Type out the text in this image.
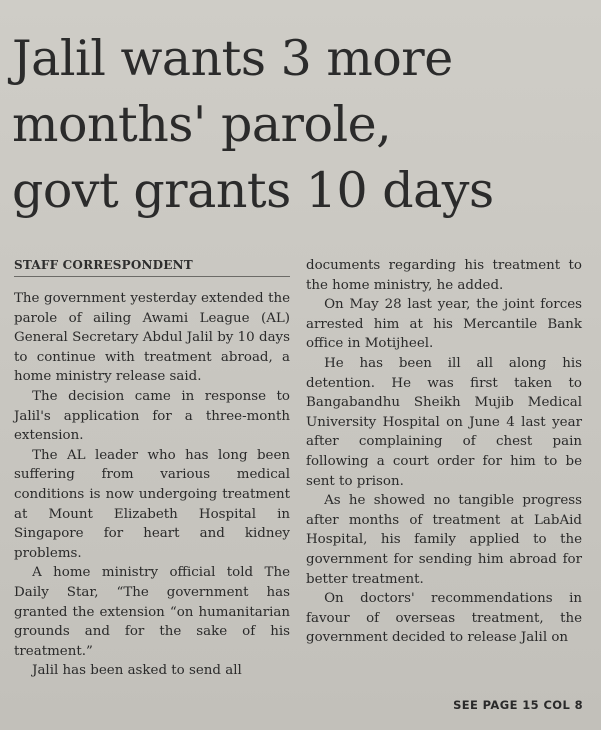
Jalil wants 3 more
months' parole,
govt grants 10 days
STAFF CORRESPONDENT

The government yesterday extended the parole of ailing Awami League (AL) General Secretary Abdul Jalil by 10 days to continue with treatment abroad, a home ministry release said.

The decision came in response to Jalil's application for a three-month extension.

The AL leader who has long been suffering from various medical conditions is now undergoing treatment at Mount Elizabeth Hospital in Singapore for heart and kidney problems.

A home ministry official told The Daily Star, “The government has granted the extension “on humanitarian grounds and for the sake of his treatment.”

Jalil has been asked to send all

documents regarding his treatment to the home ministry, he added.

On May 28 last year, the joint forces arrested him at his Mercantile Bank office in Motijheel.

He has been ill all along his detention. He was first taken to Bangabandhu Sheikh Mujib Medical University Hospital on June 4 last year after complaining of chest pain following a court order for him to be sent to prison.

As he showed no tangible progress after months of treatment at LabAid Hospital, his family applied to the government for sending him abroad for better treatment.

On doctors' recommendations in favour of overseas treatment, the government decided to release Jalil on

SEE PAGE 15 COL 8
